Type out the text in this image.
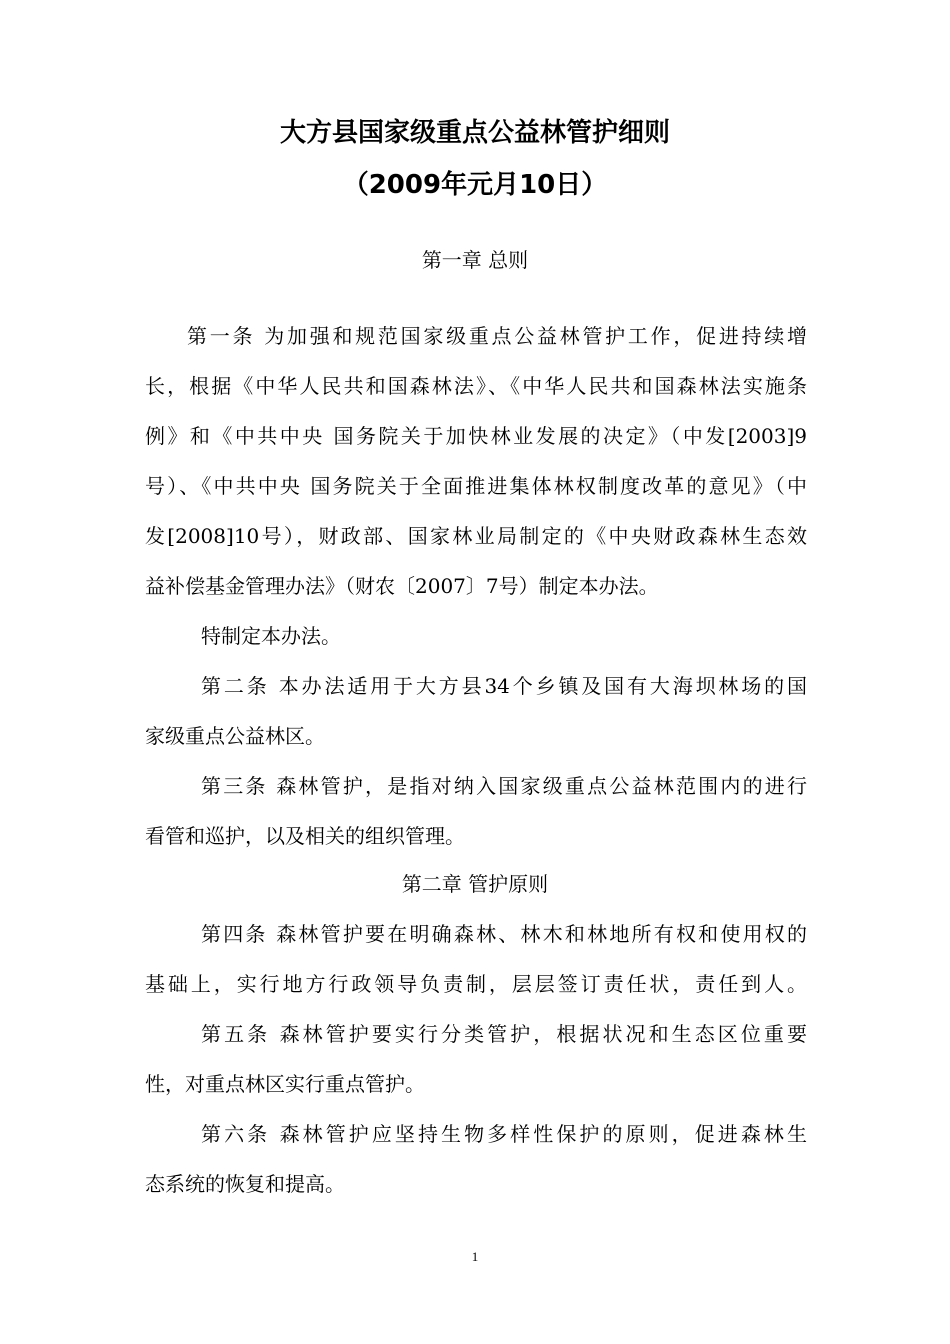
大方县国家级重点公益林管护细则
（2009年元月10日）
第一章 总则
第一条 为加强和规范国家级重点公益林管护工作，促进持续增
长，根据《中华人民共和国森林法》、《中华人民共和国森林法实施条
例》和《中共中央 国务院关于加快林业发展的决定》（中发[2003]9
号）、《中共中央 国务院关于全面推进集体林权制度改革的意见》（中
发[2008]10号），财政部、国家林业局制定的《中央财政森林生态效
益补偿基金管理办法》（财农〔2007〕7号）制定本办法。
特制定本办法。
第二条 本办法适用于大方县34个乡镇及国有大海坝林场的国
家级重点公益林区。
第三条 森林管护，是指对纳入国家级重点公益林范围内的进行
看管和巡护，以及相关的组织管理。
第二章 管护原则
第四条 森林管护要在明确森林、林木和林地所有权和使用权的
基础上，实行地方行政领导负责制，层层签订责任状，责任到人。
第五条 森林管护要实行分类管护，根据状况和生态区位重要
性，对重点林区实行重点管护。
第六条 森林管护应坚持生物多样性保护的原则，促进森林生
态系统的恢复和提高。
1
